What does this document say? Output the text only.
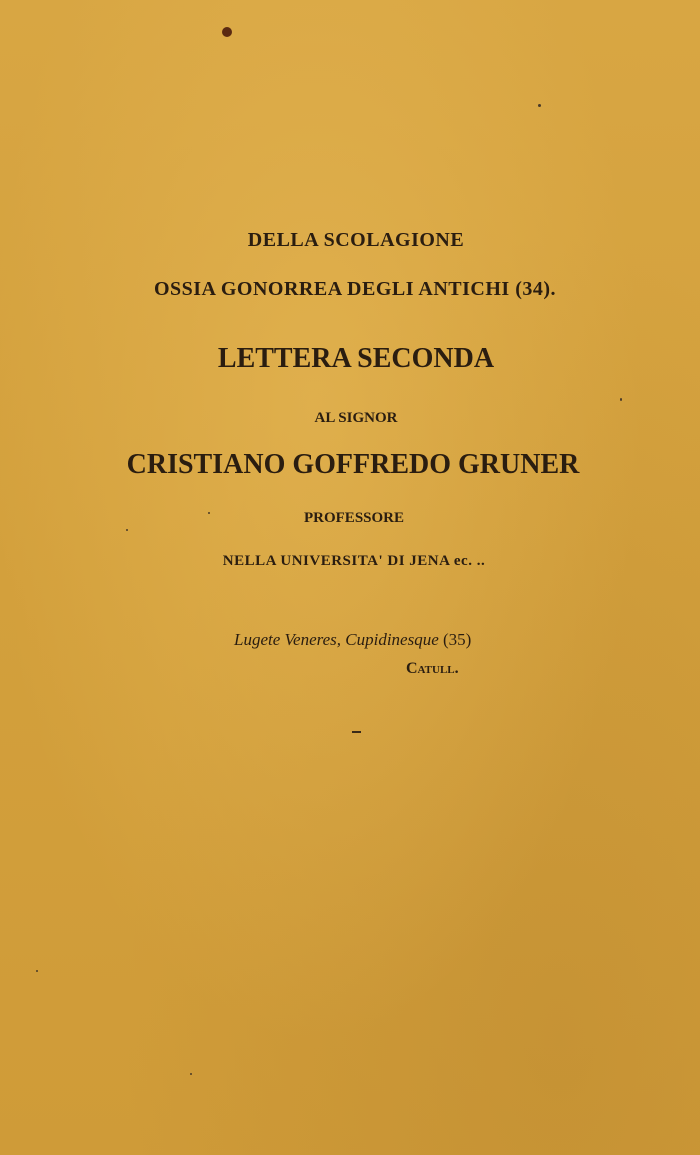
DELLA SCOLAGIONE

OSSIA GONORREA DEGLI ANTICHI (34).

LETTERA SECONDA

AL SIGNOR

CRISTIANO GOFFREDO GRUNER

PROFESSORE

NELLA UNIVERSITA' DI JENA ec. ..

Lugete Veneres, Cupidinesque (35)
Catull.
